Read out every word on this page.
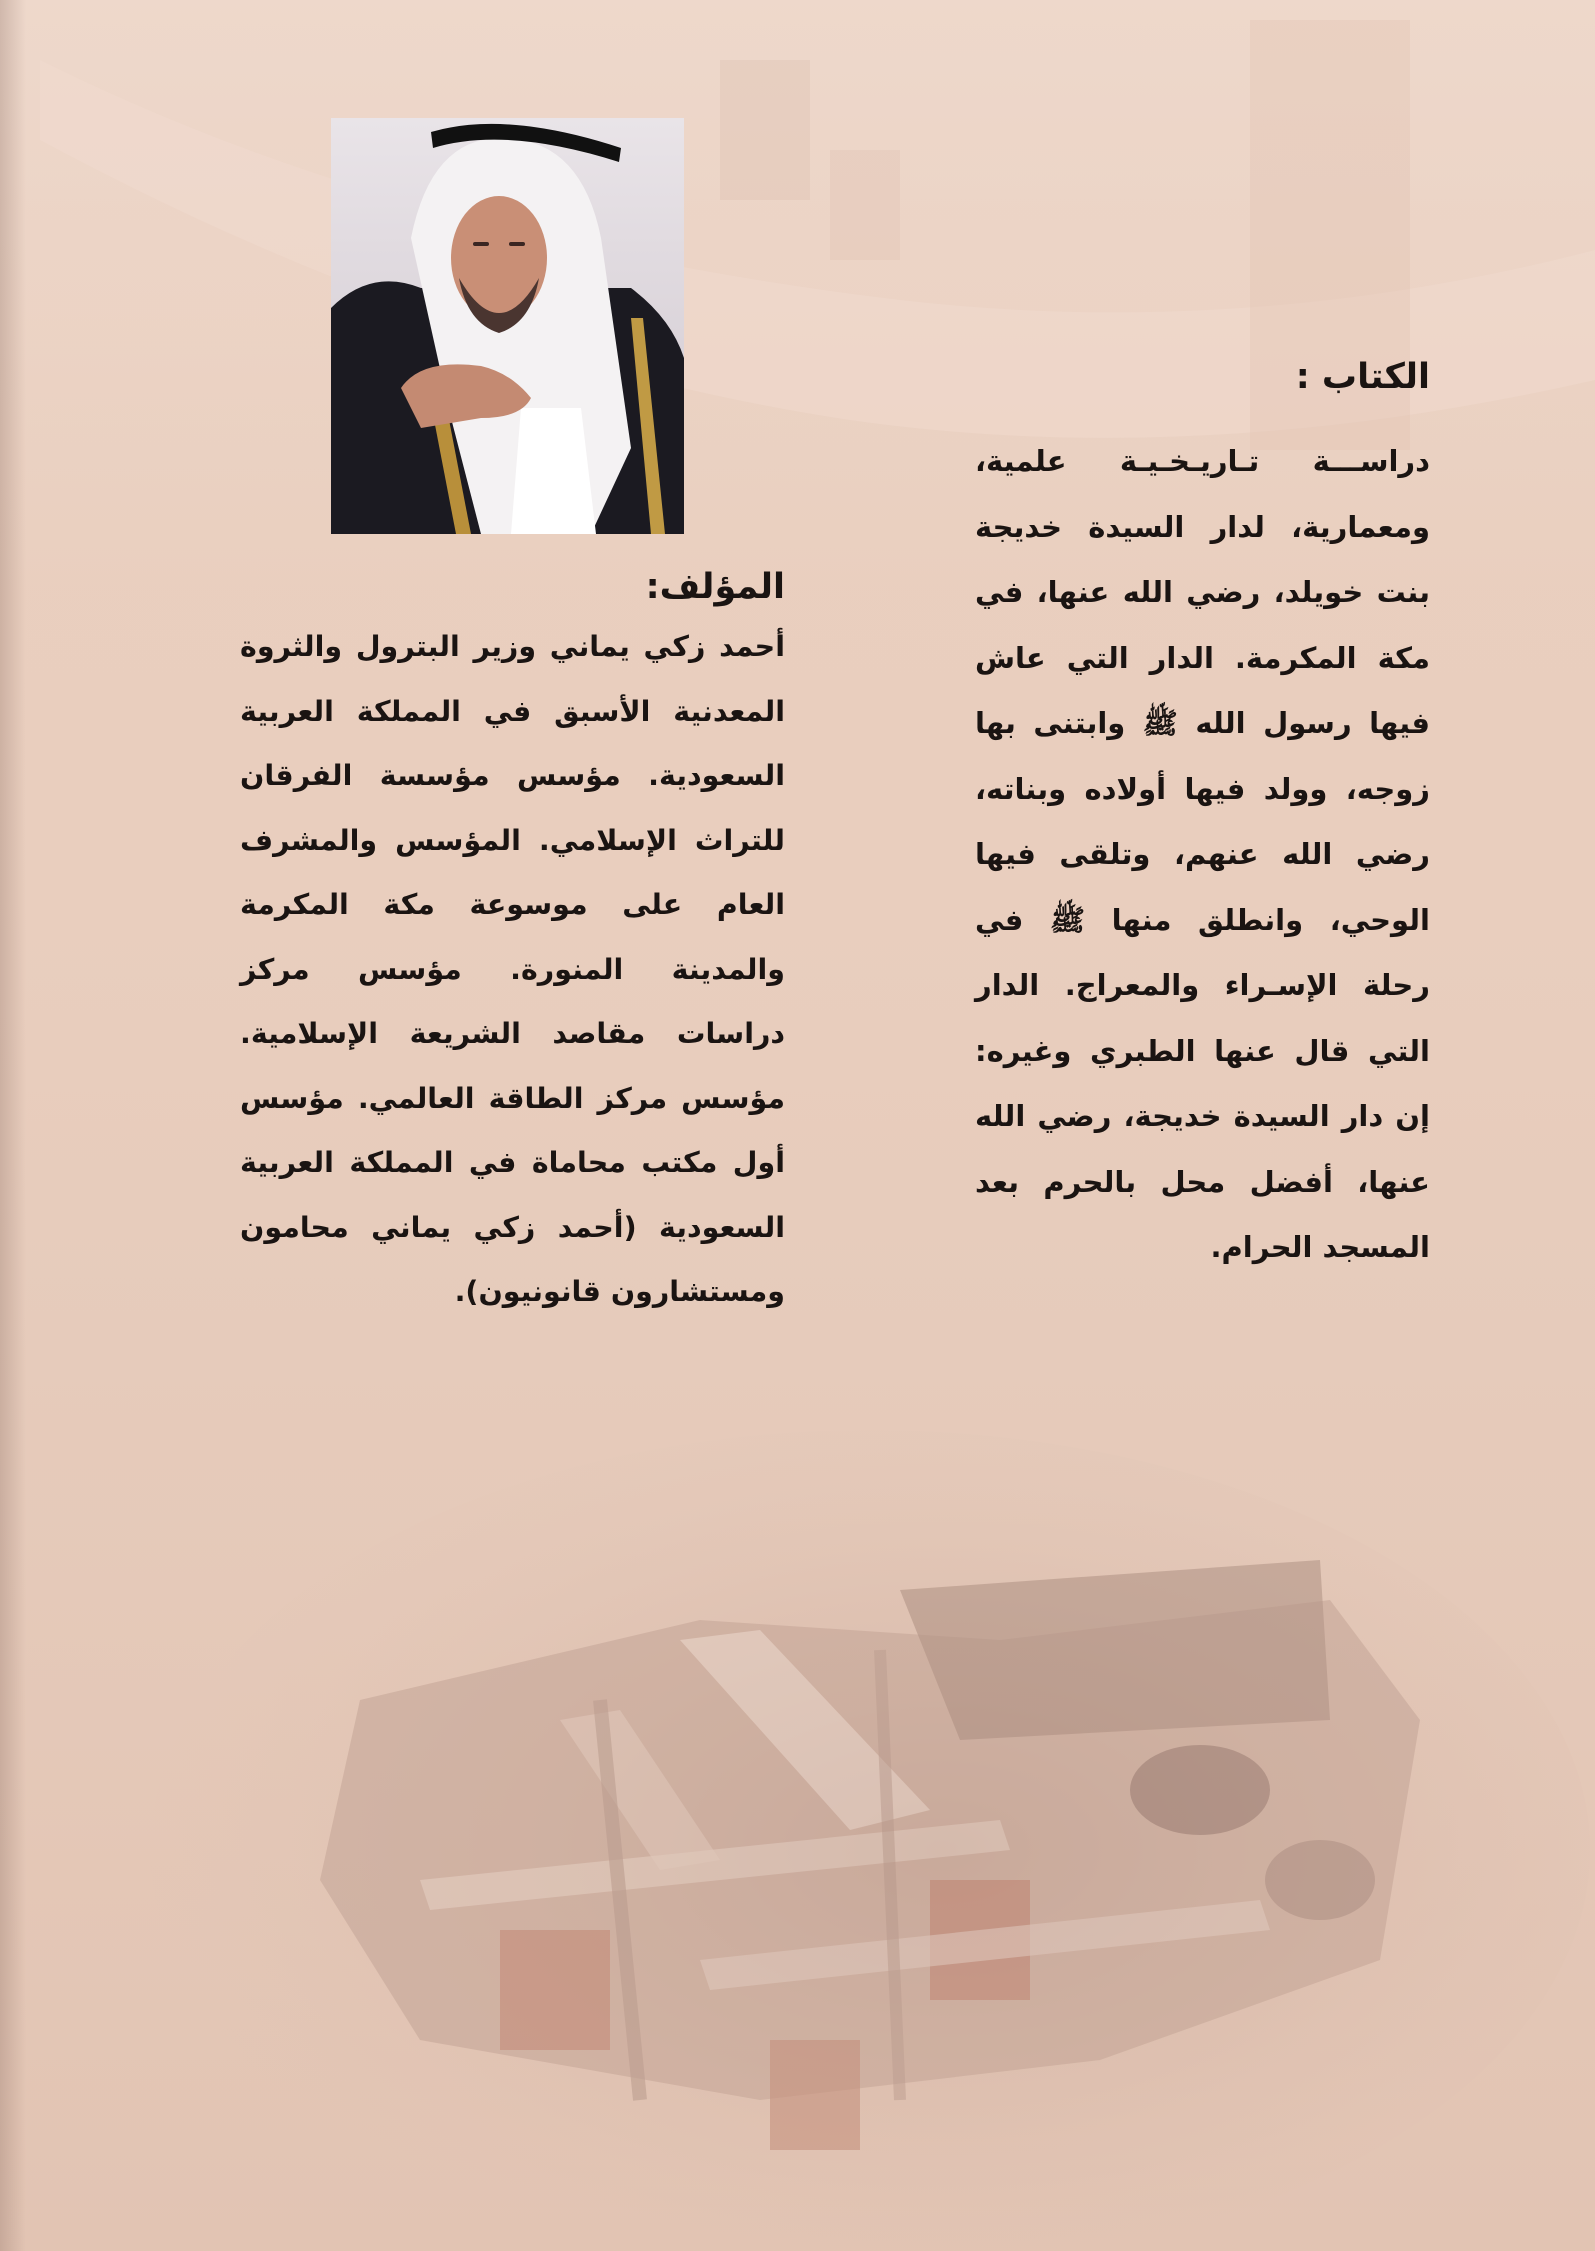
الكتاب :

دراســـة تـاريـخـيـة علمية، ومعمارية، لدار السيدة خديجة بنت خويلد، رضي الله عنها، في مكة المكرمة. الدار التي عاش فيها رسول الله ﷺ وابتنى بها زوجه، وولد فيها أولاده وبناته، رضي الله عنهم، وتلقى فيها الوحي، وانطلق منها ﷺ في رحلة الإسـراء والمعراج. الدار التي قال عنها الطبري وغيره: إن دار السيدة خديجة، رضي الله عنها، أفضل محل بالحرم بعد المسجد الحرام.

المؤلف:

أحمد زكي يماني وزير البترول والثروة المعدنية الأسبق في المملكة العربية السعودية. مؤسس مؤسسة الفرقان للتراث الإسلامي. المؤسس والمشرف العام على موسوعة مكة المكرمة والمدينة المنورة. مؤسس مركز دراسات مقاصد الشريعة الإسلامية. مؤسس مركز الطاقة العالمي. مؤسس أول مكتب محاماة في المملكة العربية السعودية (أحمد زكي يماني محامون ومستشارون قانونيون).
